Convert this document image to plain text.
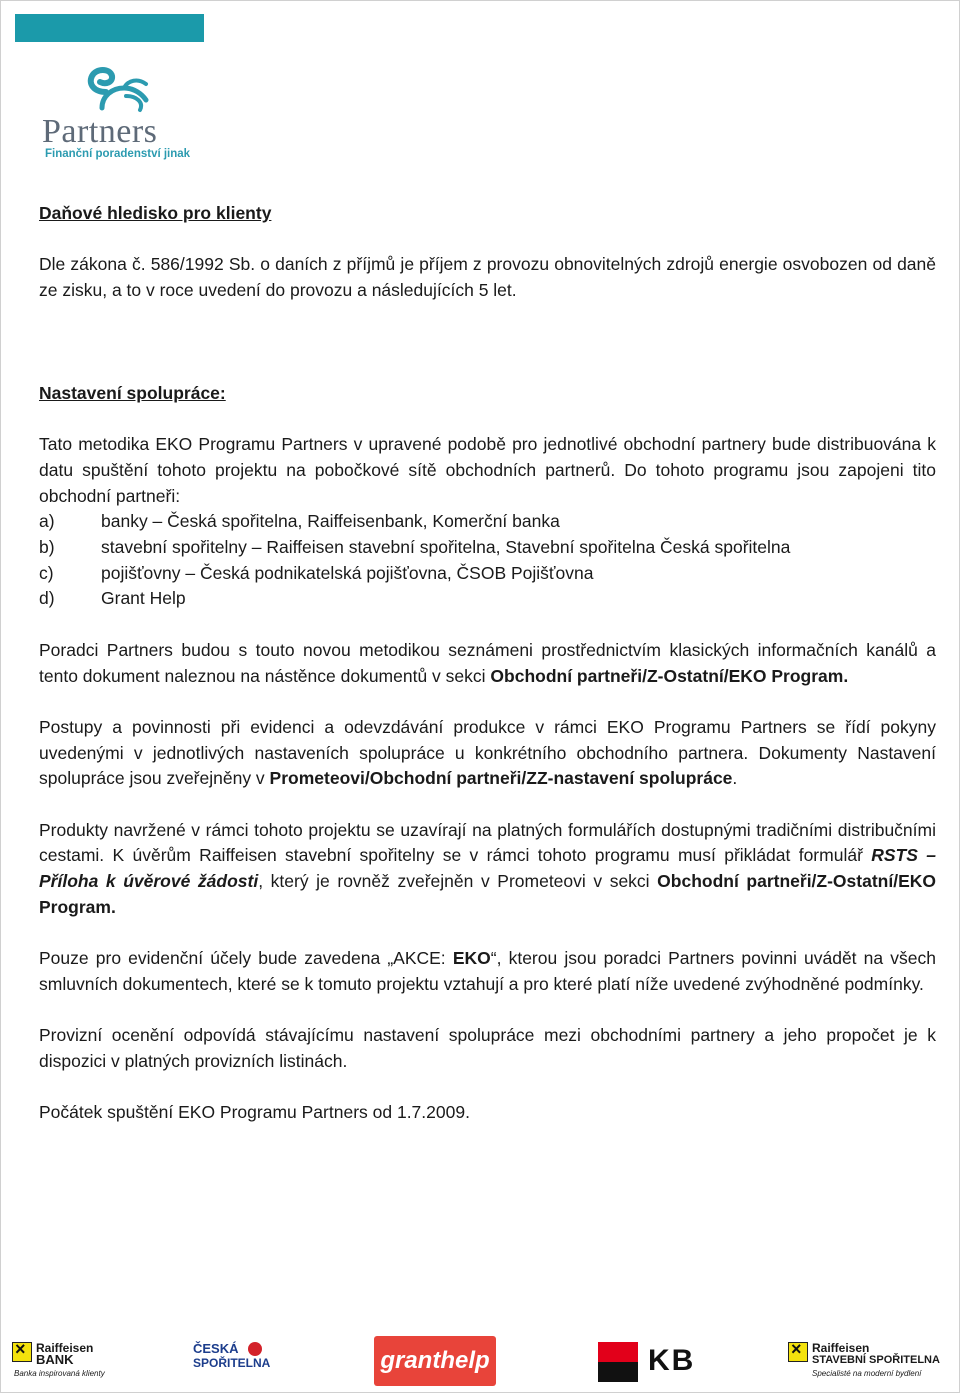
Partners
Finanční poradenství jinak

Daňové hledisko pro klienty

Dle zákona č. 586/1992 Sb. o daních z příjmů je příjem z provozu obnovitelných zdrojů energie osvobozen od daně ze zisku, a to v roce uvedení do provozu a následujících 5 let.

Nastavení spolupráce:

Tato metodika EKO Programu Partners v upravené podobě pro jednotlivé obchodní partnery bude distribuována k datu spuštění tohoto projektu na pobočkové sítě obchodních partnerů. Do tohoto programu jsou zapojeni tito obchodní partneři:

a)	banky – Česká spořitelna, Raiffeisenbank, Komerční banka
b)	stavební spořitelny – Raiffeisen stavební spořitelna, Stavební spořitelna Česká spořitelna
c)	pojišťovny – Česká podnikatelská pojišťovna, ČSOB Pojišťovna
d)	Grant Help

Poradci Partners budou s touto novou metodikou seznámeni prostřednictvím klasických informačních kanálů a tento dokument naleznou na nástěnce dokumentů v sekci Obchodní partneři/Z-Ostatní/EKO Program.

Postupy a povinnosti při evidenci a odevzdávání produkce v rámci EKO Programu Partners se řídí pokyny uvedenými v jednotlivých nastaveních spolupráce u konkrétního obchodního partnera. Dokumenty Nastavení spolupráce jsou zveřejněny v Prometeovi/Obchodní partneři/ZZ-nastavení spolupráce.

Produkty navržené v rámci tohoto projektu se uzavírají na platných formulářích dostupnými tradičními distribučními cestami. K úvěrům Raiffeisen stavební spořitelny se v rámci tohoto programu musí přikládat formulář RSTS – Příloha k úvěrové žádosti, který je rovněž zveřejněn v Prometeovi v sekci Obchodní partneři/Z-Ostatní/EKO Program.

Pouze pro evidenční účely bude zavedena „AKCE: EKO“, kterou jsou poradci Partners povinni uvádět na všech smluvních dokumentech, které se k tomuto projektu vztahují a pro které platí níže uvedené zvýhodněné podmínky.

Provizní ocenění odpovídá stávajícímu nastavení spolupráce mezi obchodními partnery a jeho propočet je k dispozici v platných provizních listinách.

Počátek spuštění EKO Programu Partners od 1.7.2009.

×
Raiffeisen
BANK
Banka inspirovaná klienty
ČESKÁ
SPOŘITELNA	granthelp	KB
×	Raiffeisen
STAVEBNÍ SPOŘITELNA
Specialisté na moderní bydlení
